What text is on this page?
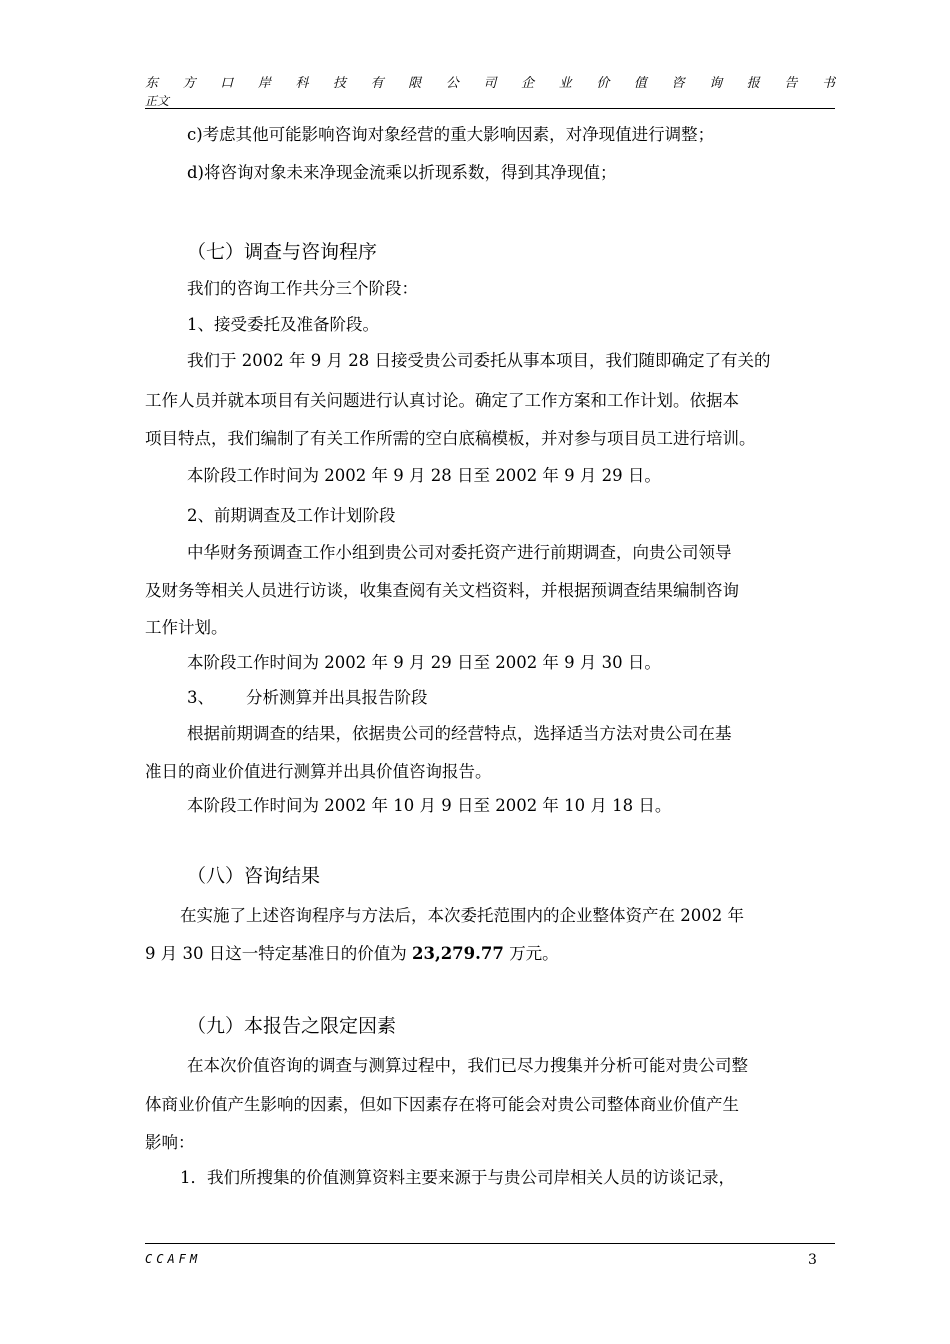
东 方 口 岸 科 技 有 限 公 司 企 业 价 值 咨 询 报 告 书
正文
c)考虑其他可能影响咨询对象经营的重大影响因素，对净现值进行调整；
d)将咨询对象未来净现金流乘以折现系数，得到其净现值；
（七）调查与咨询程序
我们的咨询工作共分三个阶段：
1、接受委托及准备阶段。
我们于 2002 年 9 月 28 日接受贵公司委托从事本项目，我们随即确定了有关的
工作人员并就本项目有关问题进行认真讨论。确定了工作方案和工作计划。依据本
项目特点，我们编制了有关工作所需的空白底稿模板，并对参与项目员工进行培训。
本阶段工作时间为 2002 年 9 月 28 日至 2002 年 9 月 29 日。
2、前期调查及工作计划阶段
中华财务预调查工作小组到贵公司对委托资产进行前期调查，向贵公司领导
及财务等相关人员进行访谈，收集查阅有关文档资料，并根据预调查结果编制咨询
工作计划。
本阶段工作时间为 2002 年 9 月 29 日至 2002 年 9 月 30 日。
3、 分析测算并出具报告阶段
根据前期调查的结果，依据贵公司的经营特点，选择适当方法对贵公司在基
准日的商业价值进行测算并出具价值咨询报告。
本阶段工作时间为 2002 年 10 月 9 日至 2002 年 10 月 18 日。
（八）咨询结果
在实施了上述咨询程序与方法后，本次委托范围内的企业整体资产在 2002 年
9 月 30 日这一特定基准日的价值为 23,279.77 万元。
（九）本报告之限定因素
在本次价值咨询的调查与测算过程中，我们已尽力搜集并分析可能对贵公司整
体商业价值产生影响的因素，但如下因素存在将可能会对贵公司整体商业价值产生
影响：
1．我们所搜集的价值测算资料主要来源于与贵公司岸相关人员的访谈记录，
CCAFM	3
